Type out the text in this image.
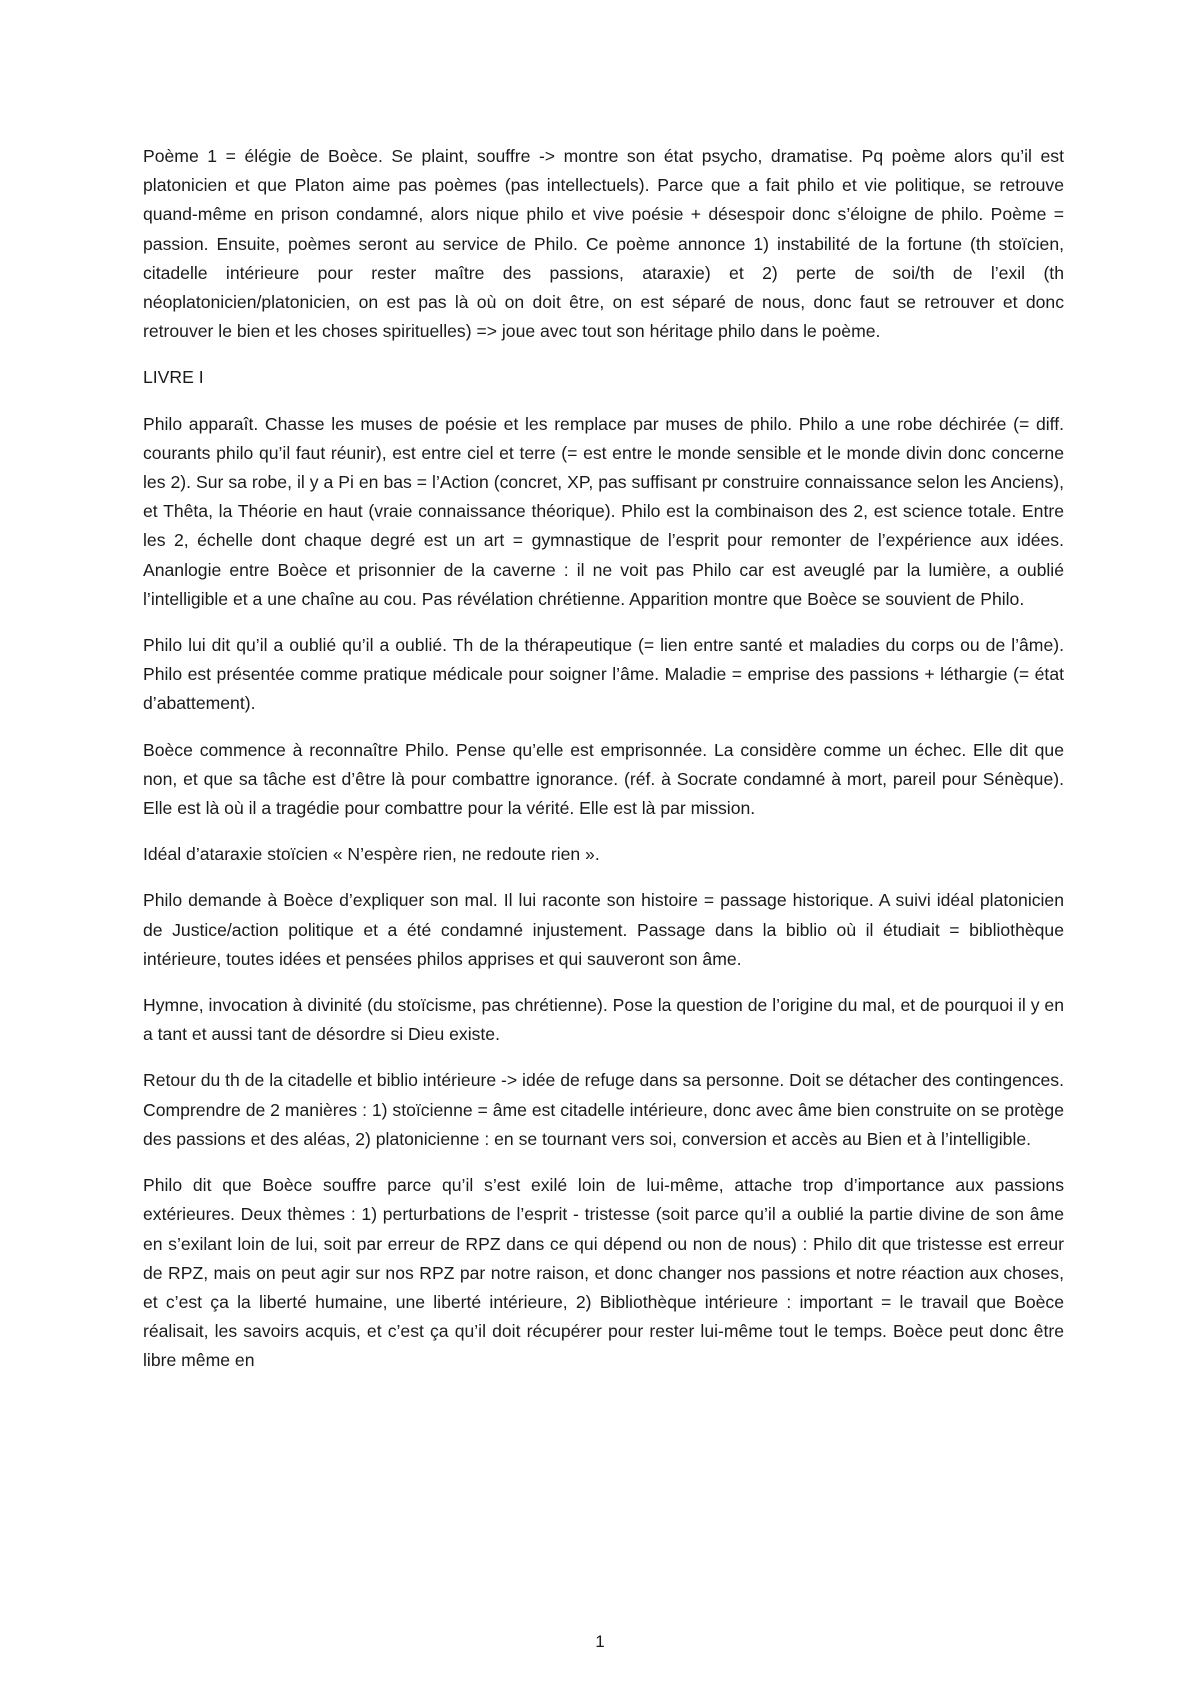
Poème 1 = élégie de Boèce. Se plaint, souffre -> montre son état psycho, dramatise. Pq poème alors qu’il est platonicien et que Platon aime pas poèmes (pas intellectuels). Parce que a fait philo et vie politique, se retrouve quand-même en prison condamné, alors nique philo et vive poésie + désespoir donc s’éloigne de philo. Poème = passion. Ensuite, poèmes seront au service de Philo. Ce poème annonce 1) instabilité de la fortune (th stoïcien, citadelle intérieure pour rester maître des passions, ataraxie) et 2) perte de soi/th de l’exil (th néoplatonicien/platonicien, on est pas là où on doit être, on est séparé de nous, donc faut se retrouver et donc retrouver le bien et les choses spirituelles) => joue avec tout son héritage philo dans le poème.

LIVRE I

Philo apparaît. Chasse les muses de poésie et les remplace par muses de philo. Philo a une robe déchirée (= diff. courants philo qu’il faut réunir), est entre ciel et terre (= est entre le monde sensible et le monde divin donc concerne les 2). Sur sa robe, il y a Pi en bas = l’Action (concret, XP, pas suffisant pr construire connaissance selon les Anciens), et Thêta, la Théorie en haut (vraie connaissance théorique). Philo est la combinaison des 2, est science totale. Entre les 2, échelle dont chaque degré est un art = gymnastique de l’esprit pour remonter de l’expérience aux idées. Ananlogie entre Boèce et prisonnier de la caverne : il ne voit pas Philo car est aveuglé par la lumière, a oublié l’intelligible et a une chaîne au cou. Pas révélation chrétienne. Apparition montre que Boèce se souvient de Philo.

Philo lui dit qu’il a oublié qu’il a oublié. Th de la thérapeutique (= lien entre santé et maladies du corps ou de l’âme). Philo est présentée comme pratique médicale pour soigner l’âme. Maladie = emprise des passions + léthargie (= état d’abattement).

Boèce commence à reconnaître Philo. Pense qu’elle est emprisonnée. La considère comme un échec. Elle dit que non, et que sa tâche est d’être là pour combattre ignorance. (réf. à Socrate condamné à mort, pareil pour Sénèque). Elle est là où il a tragédie pour combattre pour la vérité. Elle est là par mission.

Idéal d’ataraxie stoïcien « N’espère rien, ne redoute rien ».

Philo demande à Boèce d’expliquer son mal. Il lui raconte son histoire = passage historique. A suivi idéal platonicien de Justice/action politique et a été condamné injustement. Passage dans la biblio où il étudiait = bibliothèque intérieure, toutes idées et pensées philos apprises et qui sauveront son âme.

Hymne, invocation à divinité (du stoïcisme, pas chrétienne). Pose la question de l’origine du mal, et de pourquoi il y en a tant et aussi tant de désordre si Dieu existe.

Retour du th de la citadelle et biblio intérieure -> idée de refuge dans sa personne. Doit se détacher des contingences. Comprendre de 2 manières : 1) stoïcienne = âme est citadelle intérieure, donc avec âme bien construite on se protège des passions et des aléas, 2) platonicienne : en se tournant vers soi, conversion et accès au Bien et à l’intelligible.

Philo dit que Boèce souffre parce qu’il s’est exilé loin de lui-même, attache trop d’importance aux passions extérieures. Deux thèmes : 1) perturbations de l’esprit - tristesse (soit parce qu’il a oublié la partie divine de son âme en s’exilant loin de lui, soit par erreur de RPZ dans ce qui dépend ou non de nous) : Philo dit que tristesse est erreur de RPZ, mais on peut agir sur nos RPZ par notre raison, et donc changer nos passions et notre réaction aux choses, et c’est ça la liberté humaine, une liberté intérieure, 2) Bibliothèque intérieure : important = le travail que Boèce réalisait, les savoirs acquis, et c’est ça qu’il doit récupérer pour rester lui-même tout le temps. Boèce peut donc être libre même en

1
